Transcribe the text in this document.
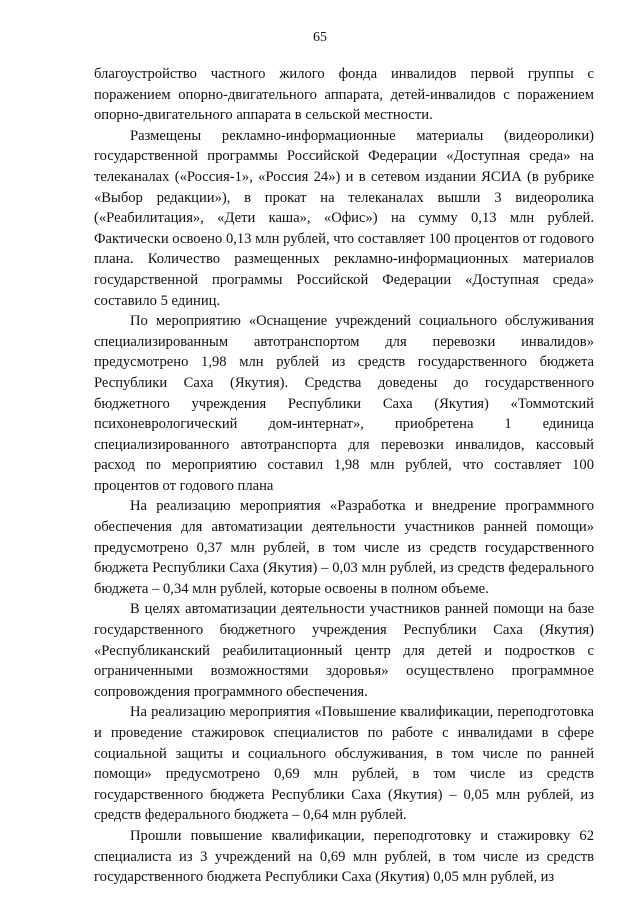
65

благоустройство частного жилого фонда инвалидов первой группы с поражением опорно-двигательного аппарата, детей-инвалидов с поражением опорно-двигательного аппарата в сельской местности.

Размещены рекламно-информационные материалы (видеоролики) государственной программы Российской Федерации «Доступная среда» на телеканалах («Россия-1», «Россия 24») и в сетевом издании ЯСИА (в рубрике «Выбор редакции»), в прокат на телеканалах вышли 3 видеоролика («Реабилитация», «Дети каша», «Офис») на сумму 0,13 млн рублей. Фактически освоено 0,13 млн рублей, что составляет 100 процентов от годового плана. Количество размещенных рекламно-информационных материалов государственной программы Российской Федерации «Доступная среда» составило 5 единиц.

По мероприятию «Оснащение учреждений социального обслуживания специализированным автотранспортом для перевозки инвалидов» предусмотрено 1,98 млн рублей из средств государственного бюджета Республики Саха (Якутия). Средства доведены до государственного бюджетного учреждения Республики Саха (Якутия) «Томмотский психоневрологический дом-интернат», приобретена 1 единица специализированного автотранспорта для перевозки инвалидов, кассовый расход по мероприятию составил 1,98 млн рублей, что составляет 100 процентов от годового плана

На реализацию мероприятия «Разработка и внедрение программного обеспечения для автоматизации деятельности участников ранней помощи» предусмотрено 0,37 млн рублей, в том числе из средств государственного бюджета Республики Саха (Якутия) – 0,03 млн рублей, из средств федерального бюджета – 0,34 млн рублей, которые освоены в полном объеме.

В целях автоматизации деятельности участников ранней помощи на базе государственного бюджетного учреждения Республики Саха (Якутия) «Республиканский реабилитационный центр для детей и подростков с ограниченными возможностями здоровья» осуществлено программное сопровождения программного обеспечения.

На реализацию мероприятия «Повышение квалификации, переподготовка и проведение стажировок специалистов по работе с инвалидами в сфере социальной защиты и социального обслуживания, в том числе по ранней помощи» предусмотрено 0,69 млн рублей, в том числе из средств государственного бюджета Республики Саха (Якутия) – 0,05 млн рублей, из средств федерального бюджета – 0,64 млн рублей.

Прошли повышение квалификации, переподготовку и стажировку 62 специалиста из 3 учреждений на 0,69 млн рублей, в том числе из средств государственного бюджета Республики Саха (Якутия) 0,05 млн рублей, из
